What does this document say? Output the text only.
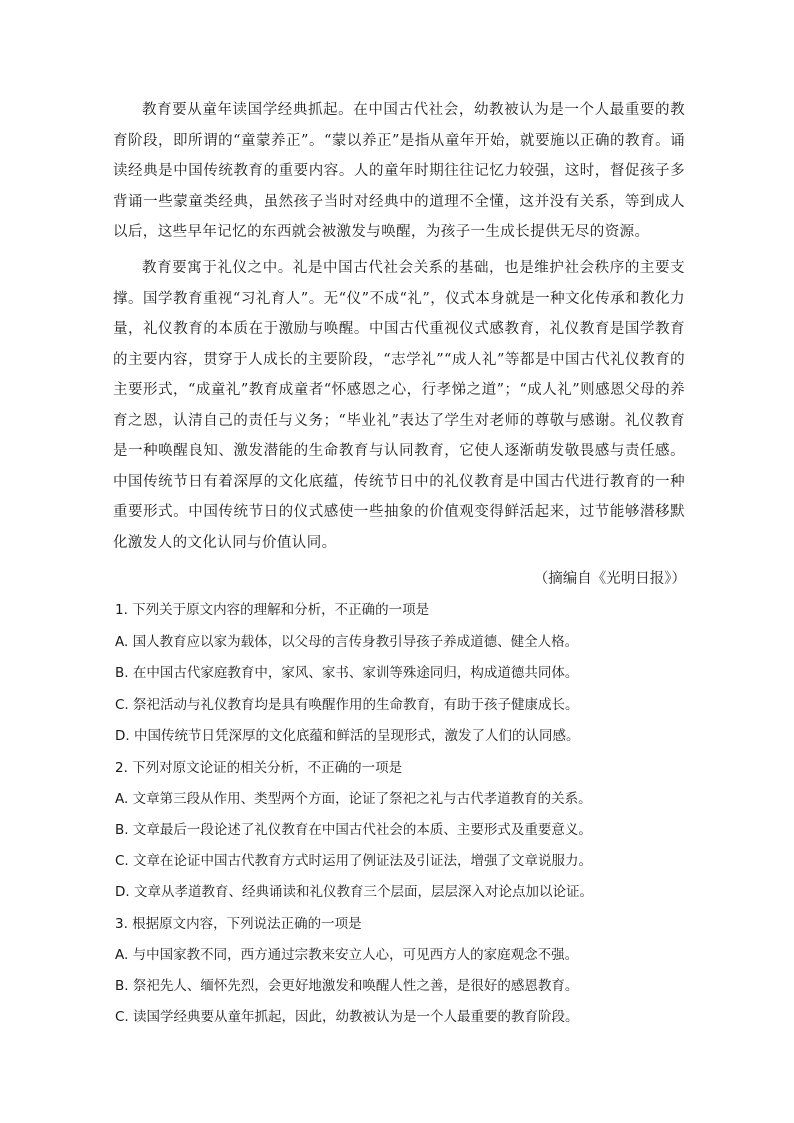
教育要从童年读国学经典抓起。在中国古代社会，幼教被认为是一个人最重要的教育阶段，即所谓的“童蒙养正”。“蒙以养正”是指从童年开始，就要施以正确的教育。诵读经典是中国传统教育的重要内容。人的童年时期往往记忆力较强，这时，督促孩子多背诵一些蒙童类经典，虽然孩子当时对经典中的道理不全懂，这并没有关系，等到成人以后，这些早年记忆的东西就会被激发与唤醒，为孩子一生成长提供无尽的资源。

教育要寓于礼仪之中。礼是中国古代社会关系的基础，也是维护社会秩序的主要支撑。国学教育重视“习礼育人”。无“仪”不成“礼”，仪式本身就是一种文化传承和教化力量，礼仪教育的本质在于激励与唤醒。中国古代重视仪式感教育，礼仪教育是国学教育的主要内容，贯穿于人成长的主要阶段，“志学礼”“成人礼”等都是中国古代礼仪教育的主要形式，“成童礼”教育成童者“怀感恩之心，行孝悌之道”；“成人礼”则感恩父母的养育之恩，认清自己的责任与义务；“毕业礼”表达了学生对老师的尊敬与感谢。礼仪教育是一种唤醒良知、激发潜能的生命教育与认同教育，它使人逐渐萌发敬畏感与责任感。中国传统节日有着深厚的文化底蕴，传统节日中的礼仪教育是中国古代进行教育的一种重要形式。中国传统节日的仪式感使一些抽象的价值观变得鲜活起来，过节能够潜移默化激发人的文化认同与价值认同。

（摘编自《光明日报》）
1. 下列关于原文内容的理解和分析，不正确的一项是
A. 国人教育应以家为载体，以父母的言传身教引导孩子养成道德、健全人格。
B. 在中国古代家庭教育中，家风、家书、家训等殊途同归，构成道德共同体。
C. 祭祀活动与礼仪教育均是具有唤醒作用的生命教育，有助于孩子健康成长。
D. 中国传统节日凭深厚的文化底蕴和鲜活的呈现形式，激发了人们的认同感。
2. 下列对原文论证的相关分析，不正确的一项是
A. 文章第三段从作用、类型两个方面，论证了祭祀之礼与古代孝道教育的关系。
B. 文章最后一段论述了礼仪教育在中国古代社会的本质、主要形式及重要意义。
C. 文章在论证中国古代教育方式时运用了例证法及引证法，增强了文章说服力。
D. 文章从孝道教育、经典诵读和礼仪教育三个层面，层层深入对论点加以论证。
3. 根据原文内容，下列说法正确的一项是
A. 与中国家教不同，西方通过宗教来安立人心，可见西方人的家庭观念不强。
B. 祭祀先人、缅怀先烈，会更好地激发和唤醒人性之善，是很好的感恩教育。
C. 读国学经典要从童年抓起，因此，幼教被认为是一个人最重要的教育阶段。
